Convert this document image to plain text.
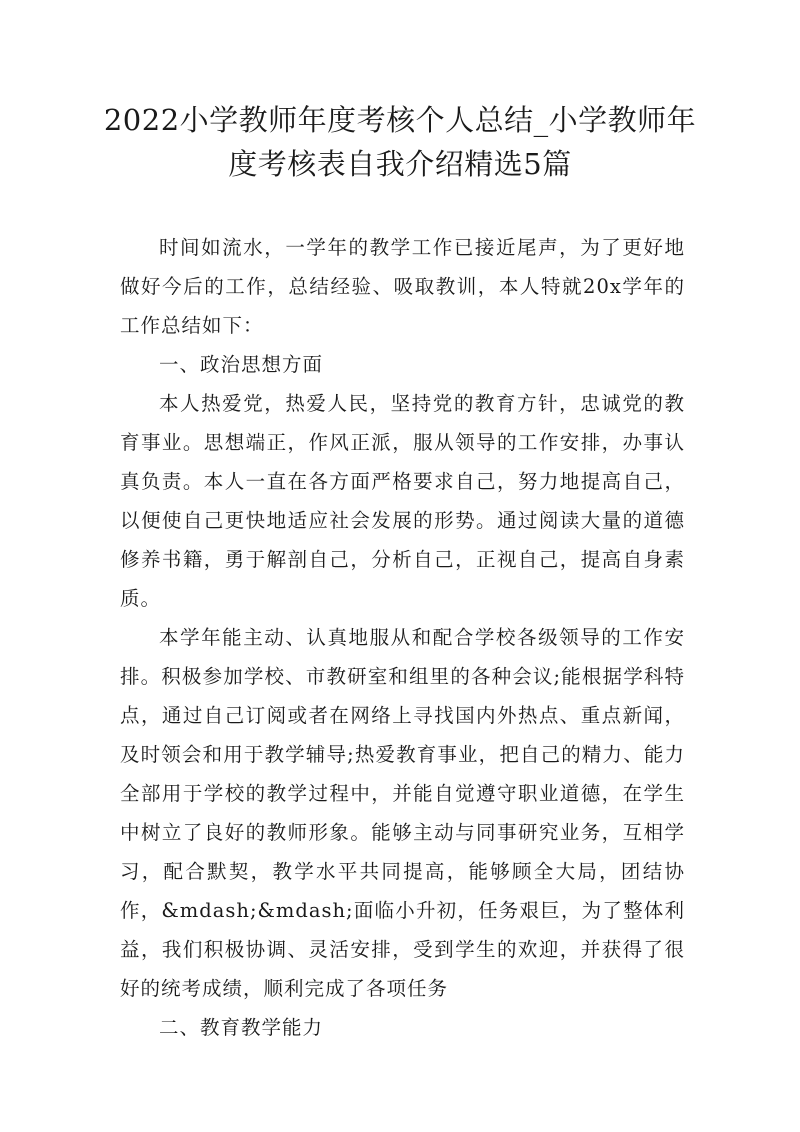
2022小学教师年度考核个人总结_小学教师年度考核表自我介绍精选5篇

时间如流水，一学年的教学工作已接近尾声，为了更好地做好今后的工作，总结经验、吸取教训，本人特就20x学年的工作总结如下：

一、政治思想方面

本人热爱党，热爱人民，坚持党的教育方针，忠诚党的教育事业。思想端正，作风正派，服从领导的工作安排，办事认真负责。本人一直在各方面严格要求自己，努力地提高自己，以便使自己更快地适应社会发展的形势。通过阅读大量的道德修养书籍，勇于解剖自己，分析自己，正视自己，提高自身素质。

本学年能主动、认真地服从和配合学校各级领导的工作安排。积极参加学校、市教研室和组里的各种会议;能根据学科特点，通过自己订阅或者在网络上寻找国内外热点、重点新闻，及时领会和用于教学辅导;热爱教育事业，把自己的精力、能力全部用于学校的教学过程中，并能自觉遵守职业道德，在学生中树立了良好的教师形象。能够主动与同事研究业务，互相学习，配合默契，教学水平共同提高，能够顾全大局，团结协作，&mdash;&mdash;面临小升初，任务艰巨，为了整体利益，我们积极协调、灵活安排，受到学生的欢迎，并获得了很好的统考成绩，顺利完成了各项任务

二、教育教学能力
